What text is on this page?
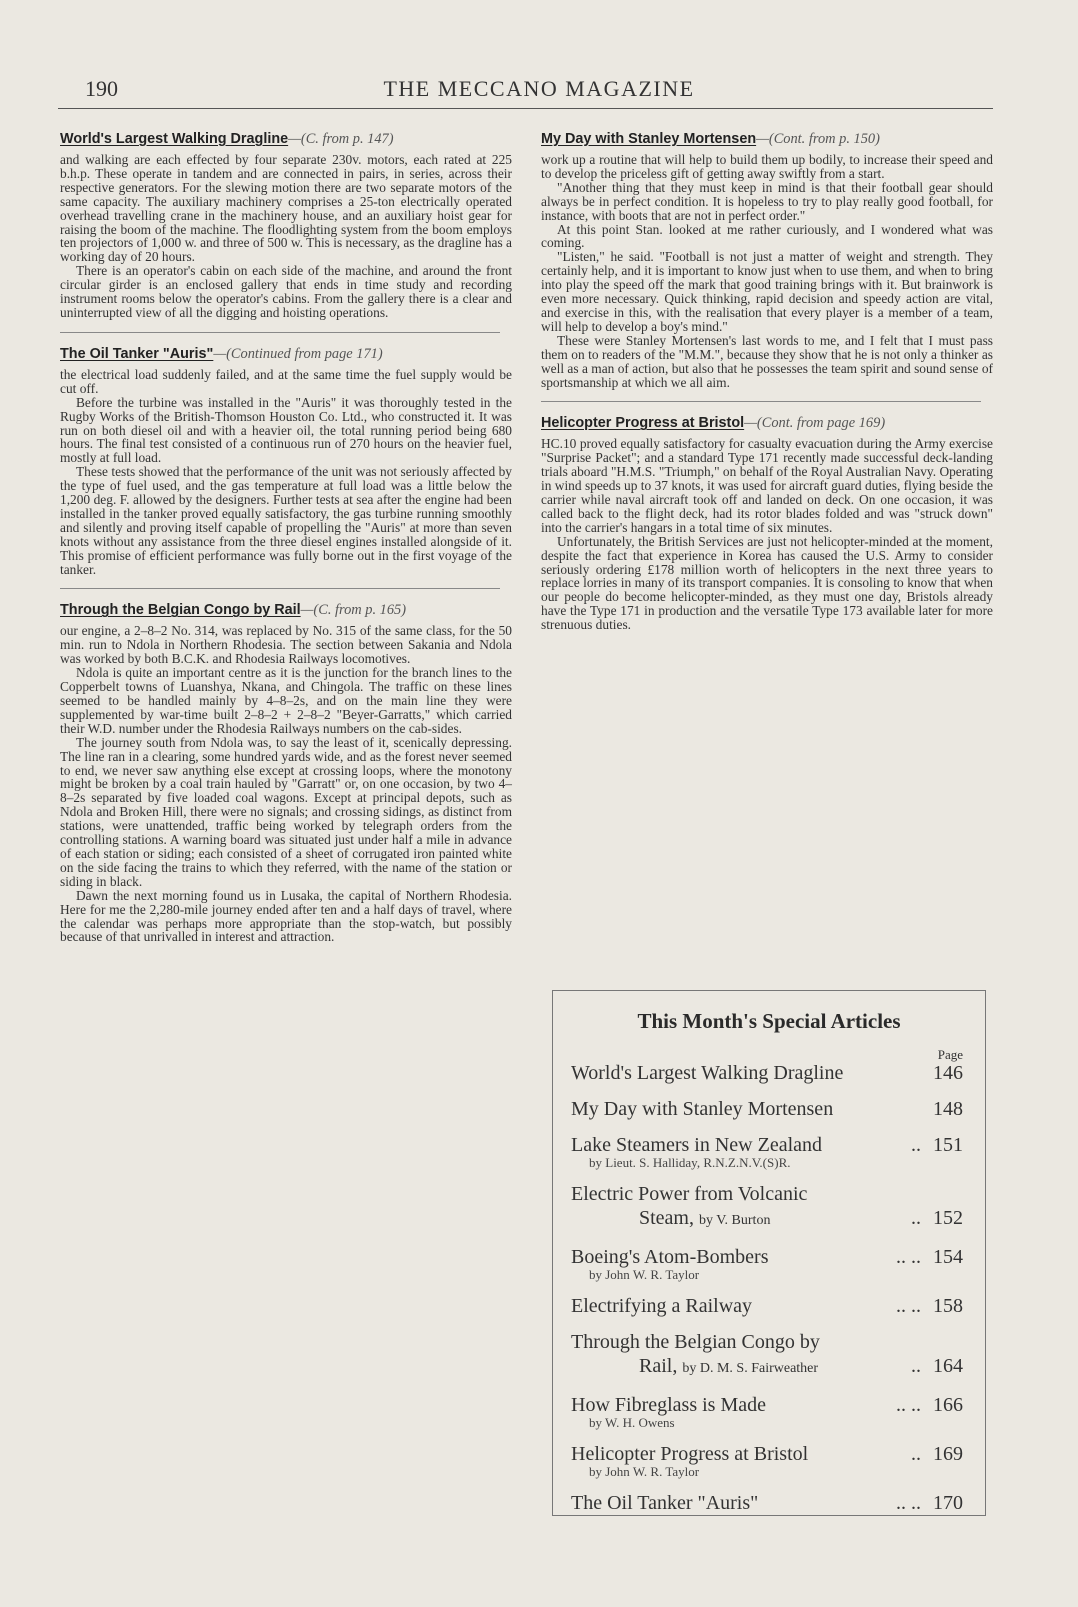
190	THE MECCANO MAGAZINE
World's Largest Walking Dragline—(C. from p. 147)

and walking are each effected by four separate 230v. motors, each rated at 225 b.h.p. These operate in tandem and are connected in pairs, in series, across their respective generators. For the slewing motion there are two separate motors of the same capacity. The auxiliary machinery comprises a 25-ton electrically operated overhead travelling crane in the machinery house, and an auxiliary hoist gear for raising the boom of the machine. The floodlighting system from the boom employs ten projectors of 1,000 w. and three of 500 w. This is necessary, as the dragline has a working day of 20 hours.

There is an operator's cabin on each side of the machine, and around the front circular girder is an enclosed gallery that ends in time study and recording instrument rooms below the operator's cabins. From the gallery there is a clear and uninterrupted view of all the digging and hoisting operations.

The Oil Tanker "Auris"—(Continued from page 171)

the electrical load suddenly failed, and at the same time the fuel supply would be cut off.

Before the turbine was installed in the "Auris" it was thoroughly tested in the Rugby Works of the British-Thomson Houston Co. Ltd., who constructed it. It was run on both diesel oil and with a heavier oil, the total running period being 680 hours. The final test consisted of a continuous run of 270 hours on the heavier fuel, mostly at full load.

These tests showed that the performance of the unit was not seriously affected by the type of fuel used, and the gas temperature at full load was a little below the 1,200 deg. F. allowed by the designers. Further tests at sea after the engine had been installed in the tanker proved equally satisfactory, the gas turbine running smoothly and silently and proving itself capable of propelling the "Auris" at more than seven knots without any assistance from the three diesel engines installed alongside of it. This promise of efficient performance was fully borne out in the first voyage of the tanker.

Through the Belgian Congo by Rail—(C. from p. 165)

our engine, a 2–8–2 No. 314, was replaced by No. 315 of the same class, for the 50 min. run to Ndola in Northern Rhodesia. The section between Sakania and Ndola was worked by both B.C.K. and Rhodesia Railways locomotives.

Ndola is quite an important centre as it is the junction for the branch lines to the Copperbelt towns of Luanshya, Nkana, and Chingola. The traffic on these lines seemed to be handled mainly by 4–8–2s, and on the main line they were supplemented by war-time built 2–8–2 + 2–8–2 "Beyer-Garratts," which carried their W.D. number under the Rhodesia Railways numbers on the cab-sides.

The journey south from Ndola was, to say the least of it, scenically depressing. The line ran in a clearing, some hundred yards wide, and as the forest never seemed to end, we never saw anything else except at crossing loops, where the monotony might be broken by a coal train hauled by "Garratt" or, on one occasion, by two 4–8–2s separated by five loaded coal wagons. Except at principal depots, such as Ndola and Broken Hill, there were no signals; and crossing sidings, as distinct from stations, were unattended, traffic being worked by telegraph orders from the controlling stations. A warning board was situated just under half a mile in advance of each station or siding; each consisted of a sheet of corrugated iron painted white on the side facing the trains to which they referred, with the name of the station or siding in black.

Dawn the next morning found us in Lusaka, the capital of Northern Rhodesia. Here for me the 2,280-mile journey ended after ten and a half days of travel, where the calendar was perhaps more appropriate than the stop-watch, but possibly because of that unrivalled in interest and attraction.

My Day with Stanley Mortensen—(Cont. from p. 150)

work up a routine that will help to build them up bodily, to increase their speed and to develop the priceless gift of getting away swiftly from a start.

"Another thing that they must keep in mind is that their football gear should always be in perfect condition. It is hopeless to try to play really good football, for instance, with boots that are not in perfect order."

At this point Stan. looked at me rather curiously, and I wondered what was coming.

"Listen," he said. "Football is not just a matter of weight and strength. They certainly help, and it is important to know just when to use them, and when to bring into play the speed off the mark that good training brings with it. But brainwork is even more necessary. Quick thinking, rapid decision and speedy action are vital, and exercise in this, with the realisation that every player is a member of a team, will help to develop a boy's mind."

These were Stanley Mortensen's last words to me, and I felt that I must pass them on to readers of the "M.M.", because they show that he is not only a thinker as well as a man of action, but also that he possesses the team spirit and sound sense of sportsmanship at which we all aim.

Helicopter Progress at Bristol—(Cont. from page 169)

HC.10 proved equally satisfactory for casualty evacuation during the Army exercise "Surprise Packet"; and a standard Type 171 recently made successful deck-landing trials aboard "H.M.S. "Triumph," on behalf of the Royal Australian Navy. Operating in wind speeds up to 37 knots, it was used for aircraft guard duties, flying beside the carrier while naval aircraft took off and landed on deck. On one occasion, it was called back to the flight deck, had its rotor blades folded and was "struck down" into the carrier's hangars in a total time of six minutes.

Unfortunately, the British Services are just not helicopter-minded at the moment, despite the fact that experience in Korea has caused the U.S. Army to consider seriously ordering £178 million worth of helicopters in the next three years to replace lorries in many of its transport companies. It is consoling to know that when our people do become helicopter-minded, as they must one day, Bristols already have the Type 171 in production and the versatile Type 173 available later for more strenuous duties.

This Month's Special Articles
Page
World's Largest Walking Dragline	146
My Day with Stanley Mortensen	148
Lake Steamers in New Zealand	.. 151
by Lieut. S. Halliday, R.N.Z.N.V.(S)R.
Electric Power from Volcanic
Steam, by V. Burton	.. 152
Boeing's Atom-Bombers	.. .. 154
by John W. R. Taylor
Electrifying a Railway	.. .. 158
Through the Belgian Congo by
Rail, by D. M. S. Fairweather	.. 164
How Fibreglass is Made	.. .. 166
by W. H. Owens
Helicopter Progress at Bristol	.. 169
by John W. R. Taylor
The Oil Tanker "Auris"	.. .. 170
